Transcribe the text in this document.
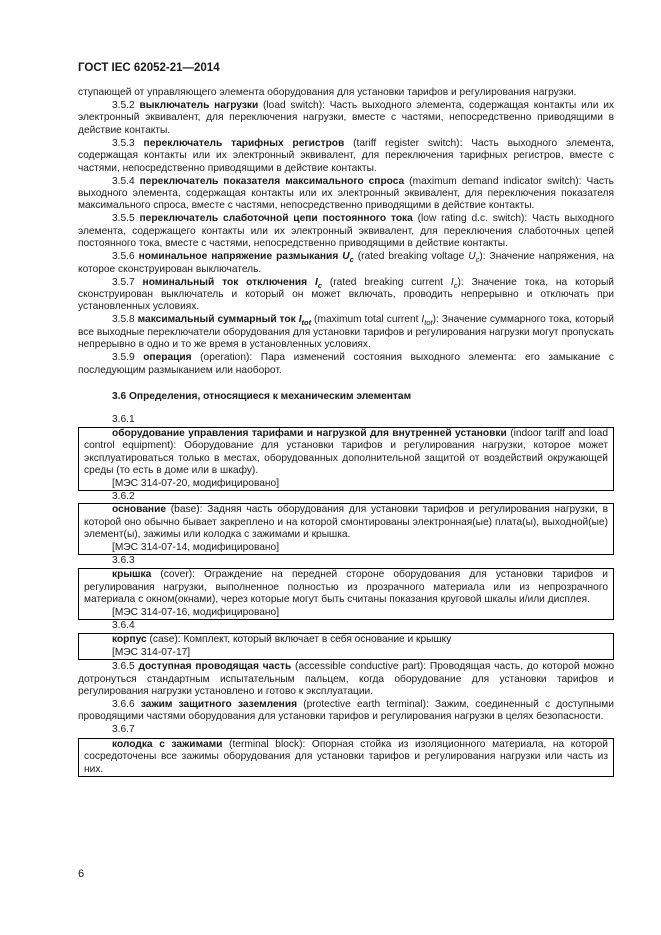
ГОСТ IEC 62052-21—2014

ступающей от управляющего элемента оборудования для установки тарифов и регулирования нагрузки.

3.5.2 выключатель нагрузки (load switch): Часть выходного элемента, содержащая контакты или их электронный эквивалент, для переключения нагрузки, вместе с частями, непосредственно приводящими в действие контакты.

3.5.3 переключатель тарифных регистров (tariff register switch): Часть выходного элемента, содержащая контакты или их электронный эквивалент, для переключения тарифных регистров, вместе с частями, непосредственно приводящими в действие контакты.

3.5.4 переключатель показателя максимального спроса (maximum demand indicator switch): Часть выходного элемента, содержащая контакты или их электронный эквивалент, для переключения показателя максимального спроса, вместе с частями, непосредственно приводящими в действие контакты.

3.5.5 переключатель слаботочной цепи постоянного тока (low rating d.c. switch): Часть выходного элемента, содержащего контакты или их электронный эквивалент, для переключения слаботочных цепей постоянного тока, вместе с частями, непосредственно приводящими в действие контакты.

3.5.6 номинальное напряжение размыкания $U_c$ (rated breaking voltage $U_c$): Значение напряжения, на которое сконструирован выключатель.

3.5.7 номинальный ток отключения $I_c$ (rated breaking current $I_c$): Значение тока, на который сконструирован выключатель и который он может включать, проводить непрерывно и отключать при установленных условиях.

3.5.8 максимальный суммарный ток $I_{tot}$ (maximum total current $I_{tot}$): Значение суммарного тока, который все выходные переключатели оборудования для установки тарифов и регулирования нагрузки могут пропускать непрерывно в одно и то же время в установленных условиях.

3.5.9 операция (operation): Пара изменений состояния выходного элемента: его замыкание с последующим размыканием или наоборот.

3.6 Определения, относящиеся к механическим элементам
3.6.1

оборудование управления тарифами и нагрузкой для внутренней установки (indoor tariff and load control equipment): Оборудование для установки тарифов и регулирования нагрузки, которое может эксплуатироваться только в местах, оборудованных дополнительной защитой от воздействий окружающей среды (то есть в доме или в шкафу).

[МЭС 314-07-20, модифицировано]

3.6.2

основание (base): Задняя часть оборудования для установки тарифов и регулирования нагрузки, в которой оно обычно бывает закреплено и на которой смонтированы электронная(ые) плата(ы), выходной(ые) элемент(ы), зажимы или колодка с зажимами и крышка.

[МЭС 314-07-14, модифицировано]

3.6.3

крышка (cover): Ограждение на передней стороне оборудования для установки тарифов и регулирования нагрузки, выполненное полностью из прозрачного материала или из непрозрачного материала с окном(окнами), через которые могут быть считаны показания круговой шкалы и/или дисплея.

[МЭС 314-07-16, модифицировано]

3.6.4

корпус (case): Комплект, который включает в себя основание и крышку

[МЭС 314-07-17]

3.6.5 доступная проводящая часть (accessible conductive part): Проводящая часть, до которой можно дотронуться стандартным испытательным пальцем, когда оборудование для установки тарифов и регулирования нагрузки установлено и готово к эксплуатации.

3.6.6 зажим защитного заземления (protective earth terminal): Зажим, соединенный с доступными проводящими частями оборудования для установки тарифов и регулирования нагрузки в целях безопасности.

3.6.7

колодка с зажимами (terminal block): Опорная стойка из изоляционного материала, на которой сосредоточены все зажимы оборудования для установки тарифов и регулирования нагрузки или часть из них.

6
